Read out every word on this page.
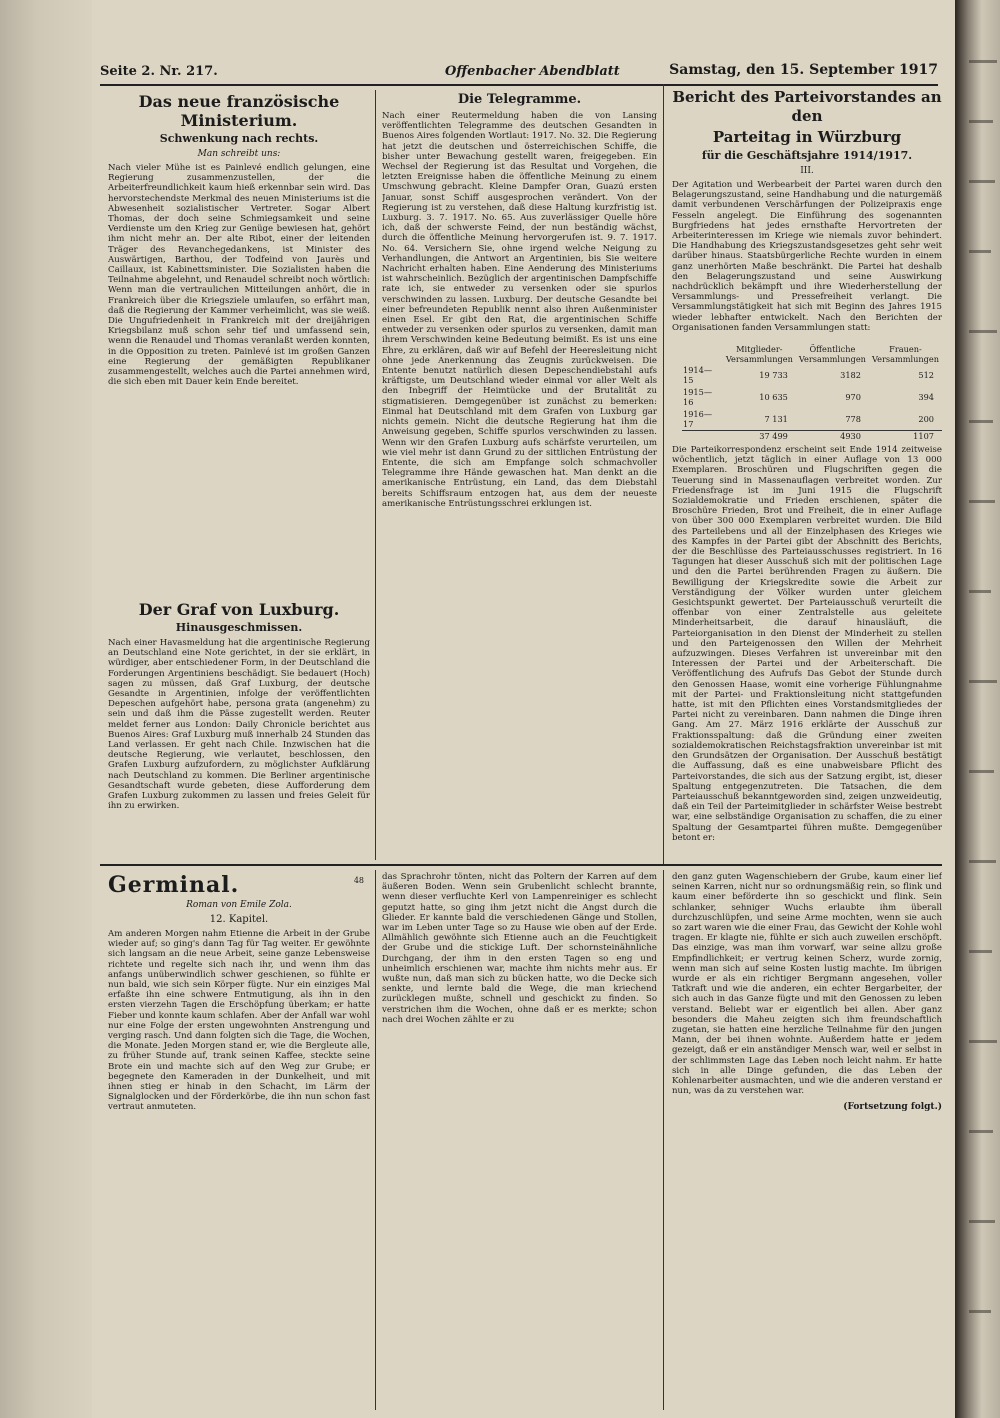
Seite 2. Nr. 217.	Offenbacher Abendblatt	Samstag, den 15. September 1917
Das neue französische Ministerium.
Schwenkung nach rechts.
Man schreibt uns:

Nach vieler Mühe ist es Painlevé endlich gelungen, eine Regierung zusammenzustellen, der die Arbeiterfreundlichkeit kaum hieß erkennbar sein wird. Das hervorstechendste Merkmal des neuen Ministeriums ist die Abwesenheit sozialistischer Vertreter. Sogar Albert Thomas, der doch seine Schmiegsamkeit und seine Verdienste um den Krieg zur Genüge bewiesen hat, gehört ihm nicht mehr an. Der alte Ribot, einer der leitenden Träger des Revanchegedankens, ist Minister des Auswärtigen, Barthou, der Todfeind von Jaurès und Caillaux, ist Kabinettsminister. Die Sozialisten haben die Teilnahme abgelehnt, und Renaudel schreibt noch wörtlich: Wenn man die vertraulichen Mitteilungen anhört, die in Frankreich über die Kriegsziele umlaufen, so erfährt man, daß die Regierung der Kammer verheimlicht, was sie weiß. Die Ungufriedenheit in Frankreich mit der dreijährigen Kriegsbilanz muß schon sehr tief und umfassend sein, wenn die Renaudel und Thomas veranlaßt werden konnten, in die Opposition zu treten. Painlevé ist im großen Ganzen eine Regierung der gemäßigten Republikaner zusammengestellt, welches auch die Partei annehmen wird, die sich eben mit Dauer kein Ende bereitet.

Der Graf von Luxburg.
Hinausgeschmissen.

Nach einer Havasmeldung hat die argentinische Regierung an Deutschland eine Note gerichtet, in der sie erklärt, in würdiger, aber entschiedener Form, in der Deutschland die Forderungen Argentiniens beschädigt. Sie bedauert (Hoch) sagen zu müssen, daß Graf Luxburg, der deutsche Gesandte in Argentinien, infolge der veröffentlichten Depeschen aufgehört habe, persona grata (angenehm) zu sein und daß ihm die Pässe zugestellt werden. Reuter meldet ferner aus London: Daily Chronicle berichtet aus Buenos Aires: Graf Luxburg muß innerhalb 24 Stunden das Land verlassen. Er geht nach Chile. Inzwischen hat die deutsche Regierung, wie verlautet, beschlossen, den Grafen Luxburg aufzufordern, zu möglichster Aufklärung nach Deutschland zu kommen. Die Berliner argentinische Gesandtschaft wurde gebeten, diese Aufforderung dem Grafen Luxburg zukommen zu lassen und freies Geleit für ihn zu erwirken.

Die Telegramme.

Nach einer Reutermeldung haben die von Lansing veröffentlichten Telegramme des deutschen Gesandten in Buenos Aires folgenden Wortlaut: 1917. No. 32. Die Regierung hat jetzt die deutschen und österreichischen Schiffe, die bisher unter Bewachung gestellt waren, freigegeben. Ein Wechsel der Regierung ist das Resultat und Vorgehen, die letzten Ereignisse haben die öffentliche Meinung zu einem Umschwung gebracht. Kleine Dampfer Oran, Guazú ersten Januar, sonst Schiff ausgesprochen verändert. Von der Regierung ist zu verstehen, daß diese Haltung kurzfristig ist. Luxburg. 3. 7. 1917. No. 65. Aus zuverlässiger Quelle höre ich, daß der schwerste Feind, der nun beständig wächst, durch die öffentliche Meinung hervorgerufen ist. 9. 7. 1917. No. 64. Versichern Sie, ohne irgend welche Neigung zu Verhandlungen, die Antwort an Argentinien, bis Sie weitere Nachricht erhalten haben. Eine Aenderung des Ministeriums ist wahrscheinlich. Bezüglich der argentinischen Dampfschiffe rate ich, sie entweder zu versenken oder sie spurlos verschwinden zu lassen. Luxburg. Der deutsche Gesandte bei einer befreundeten Republik nennt also ihren Außenminister einen Esel. Er gibt den Rat, die argentinischen Schiffe entweder zu versenken oder spurlos zu versenken, damit man ihrem Verschwinden keine Bedeutung beimißt. Es ist uns eine Ehre, zu erklären, daß wir auf Befehl der Heeresleitung nicht ohne jede Anerkennung das Zeugnis zurückweisen. Die Entente benutzt natürlich diesen Depeschendiebstahl aufs kräftigste, um Deutschland wieder einmal vor aller Welt als den Inbegriff der Heimtücke und der Brutalität zu stigmatisieren. Demgegenüber ist zunächst zu bemerken: Einmal hat Deutschland mit dem Grafen von Luxburg gar nichts gemein. Nicht die deutsche Regierung hat ihm die Anweisung gegeben, Schiffe spurlos verschwinden zu lassen. Wenn wir den Grafen Luxburg aufs schärfste verurteilen, um wie viel mehr ist dann Grund zu der sittlichen Entrüstung der Entente, die sich am Empfange solch schmachvoller Telegramme ihre Hände gewaschen hat. Man denkt an die amerikanische Entrüstung, ein Land, das dem Diebstahl bereits Schiffsraum entzogen hat, aus dem der neueste amerikanische Entrüstungsschrei erklungen ist.

Bericht des Parteivorstandes an den
Parteitag in Würzburg
für die Geschäftsjahre 1914/1917.
III.

Der Agitation und Werbearbeit der Partei waren durch den Belagerungszustand, seine Handhabung und die naturgemäß damit verbundenen Verschärfungen der Polizeipraxis enge Fesseln angelegt. Die Einführung des sogenannten Burgfriedens hat jedes ernsthafte Hervortreten der Arbeiterinteressen im Kriege wie niemals zuvor behindert. Die Handhabung des Kriegszustandsgesetzes geht sehr weit darüber hinaus. Staatsbürgerliche Rechte wurden in einem ganz unerhörten Maße beschränkt. Die Partei hat deshalb den Belagerungszustand und seine Auswirkung nachdrücklich bekämpft und ihre Wiederherstellung der Versammlungs- und Pressefreiheit verlangt. Die Versammlungstätigkeit hat sich mit Beginn des Jahres 1915 wieder lebhafter entwickelt. Nach den Berichten der Organisationen fanden Versammlungen statt:

	Mitglieder-Versammlungen	Öffentliche Versammlungen	Frauen-Versammlungen
1914—15	19 733	3182	512
1915—16	10 635	970	394
1916—17	7 131	778	200
	37 499	4930	1107

Die Parteikorrespondenz erscheint seit Ende 1914 zeitweise wöchentlich, jetzt täglich in einer Auflage von 13 000 Exemplaren. Broschüren und Flugschriften gegen die Teuerung sind in Massenauflagen verbreitet worden. Zur Friedensfrage ist im Juni 1915 die Flugschrift Sozialdemokratie und Frieden erschienen, später die Broschüre Frieden, Brot und Freiheit, die in einer Auflage von über 300 000 Exemplaren verbreitet wurden. Die Bild des Parteilebens und all der Einzelphasen des Krieges wie des Kampfes in der Partei gibt der Abschnitt des Berichts, der die Beschlüsse des Parteiausschusses registriert. In 16 Tagungen hat dieser Ausschuß sich mit der politischen Lage und den die Partei berührenden Fragen zu äußern. Die Bewilligung der Kriegskredite sowie die Arbeit zur Verständigung der Völker wurden unter gleichem Gesichtspunkt gewertet. Der Parteiausschuß verurteilt die offenbar von einer Zentralstelle aus geleitete Minderheitsarbeit, die darauf hinausläuft, die Parteiorganisation in den Dienst der Minderheit zu stellen und den Parteigenossen den Willen der Mehrheit aufzuzwingen. Dieses Verfahren ist unvereinbar mit den Interessen der Partei und der Arbeiterschaft. Die Veröffentlichung des Aufrufs Das Gebot der Stunde durch den Genossen Haase, womit eine vorherige Fühlungnahme mit der Partei- und Fraktionsleitung nicht stattgefunden hatte, ist mit den Pflichten eines Vorstandsmitgliedes der Partei nicht zu vereinbaren. Dann nahmen die Dinge ihren Gang. Am 27. März 1916 erklärte der Ausschuß zur Fraktionsspaltung: daß die Gründung einer zweiten sozialdemokratischen Reichstagsfraktion unvereinbar ist mit den Grundsätzen der Organisation. Der Ausschuß bestätigt die Auffassung, daß es eine unabweisbare Pflicht des Parteivorstandes, die sich aus der Satzung ergibt, ist, dieser Spaltung entgegenzutreten. Die Tatsachen, die dem Parteiausschuß bekanntgeworden sind, zeigen unzweideutig, daß ein Teil der Parteimitglieder in schärfster Weise bestrebt war, eine selbständige Organisation zu schaffen, die zu einer Spaltung der Gesamtpartei führen mußte. Demgegenüber betont er:

Germinal.	48
Roman von Emile Zola.
12. Kapitel.

Am anderen Morgen nahm Etienne die Arbeit in der Grube wieder auf; so ging's dann Tag für Tag weiter. Er gewöhnte sich langsam an die neue Arbeit, seine ganze Lebensweise richtete und regelte sich nach ihr, und wenn ihm das anfangs unüberwindlich schwer geschienen, so fühlte er nun bald, wie sich sein Körper fügte. Nur ein einziges Mal erfaßte ihn eine schwere Entmutigung, als ihn in den ersten vierzehn Tagen die Erschöpfung überkam; er hatte Fieber und konnte kaum schlafen. Aber der Anfall war wohl nur eine Folge der ersten ungewohnten Anstrengung und verging rasch. Und dann folgten sich die Tage, die Wochen, die Monate. Jeden Morgen stand er, wie die Bergleute alle, zu früher Stunde auf, trank seinen Kaffee, steckte seine Brote ein und machte sich auf den Weg zur Grube; er begegnete den Kameraden in der Dunkelheit, und mit ihnen stieg er hinab in den Schacht, im Lärm der Signalglocken und der Förderkörbe, die ihn nun schon fast vertraut anmuteten.

das Sprachrohr tönten, nicht das Poltern der Karren auf dem äußeren Boden. Wenn sein Grubenlicht schlecht brannte, wenn dieser verfluchte Kerl von Lampenreiniger es schlecht geputzt hatte, so ging ihm jetzt nicht die Angst durch die Glieder. Er kannte bald die verschiedenen Gänge und Stollen, war im Leben unter Tage so zu Hause wie oben auf der Erde. Allmählich gewöhnte sich Etienne auch an die Feuchtigkeit der Grube und die stickige Luft. Der schornsteinähnliche Durchgang, der ihm in den ersten Tagen so eng und unheimlich erschienen war, machte ihm nichts mehr aus. Er wußte nun, daß man sich zu bücken hatte, wo die Decke sich senkte, und lernte bald die Wege, die man kriechend zurücklegen mußte, schnell und geschickt zu finden. So verstrichen ihm die Wochen, ohne daß er es merkte; schon nach drei Wochen zählte er zu

den ganz guten Wagenschiebern der Grube, kaum einer lief seinen Karren, nicht nur so ordnungsmäßig rein, so flink und kaum einer beförderte ihn so geschickt und flink. Sein schlanker, sehniger Wuchs erlaubte ihm überall durchzuschlüpfen, und seine Arme mochten, wenn sie auch so zart waren wie die einer Frau, das Gewicht der Kohle wohl tragen. Er klagte nie, fühlte er sich auch zuweilen erschöpft. Das einzige, was man ihm vorwarf, war seine allzu große Empfindlichkeit; er vertrug keinen Scherz, wurde zornig, wenn man sich auf seine Kosten lustig machte. Im übrigen wurde er als ein richtiger Bergmann angesehen, voller Tatkraft und wie die anderen, ein echter Bergarbeiter, der sich auch in das Ganze fügte und mit den Genossen zu leben verstand. Beliebt war er eigentlich bei allen. Aber ganz besonders die Maheu zeigten sich ihm freundschaftlich zugetan, sie hatten eine herzliche Teilnahme für den jungen Mann, der bei ihnen wohnte. Außerdem hatte er jedem gezeigt, daß er ein anständiger Mensch war, weil er selbst in der schlimmsten Lage das Leben noch leicht nahm. Er hatte sich in alle Dinge gefunden, die das Leben der Kohlenarbeiter ausmachten, und wie die anderen verstand er nun, was da zu verstehen war.

(Fortsetzung folgt.)
